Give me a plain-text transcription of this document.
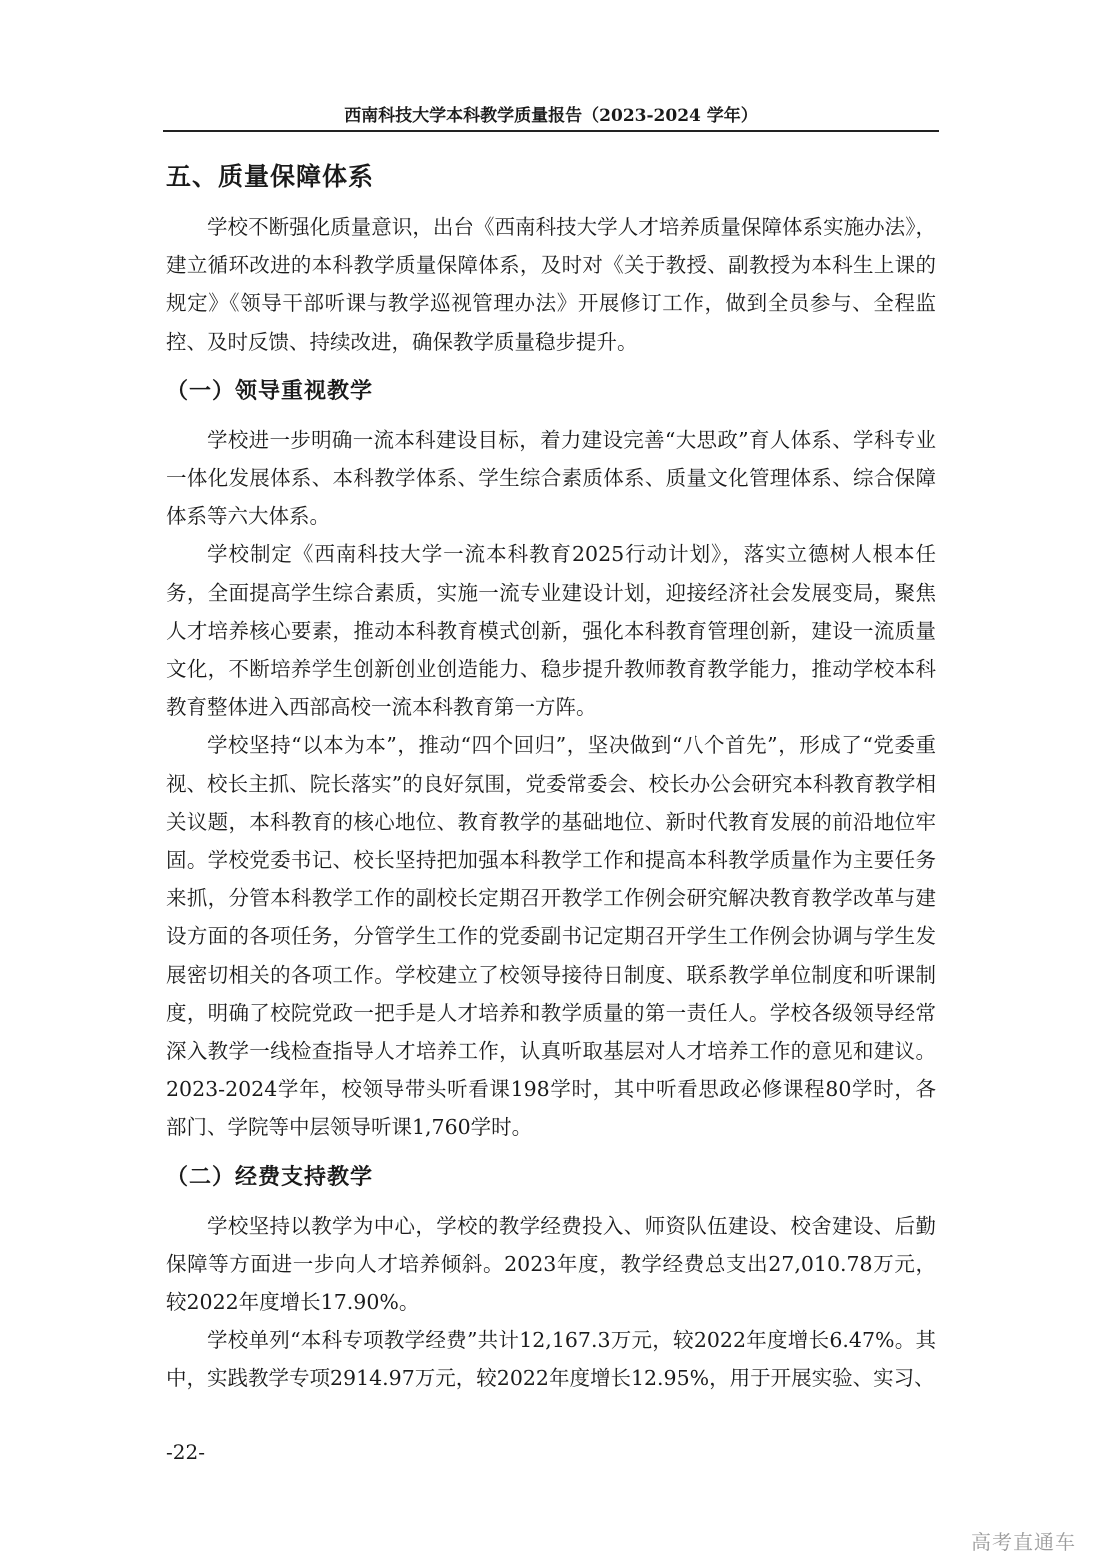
西南科技大学本科教学质量报告（2023-2024 学年）
五、质量保障体系

学校不断强化质量意识，出台《西南科技大学人才培养质量保障体系实施办法》，建立循环改进的本科教学质量保障体系，及时对《关于教授、副教授为本科生上课的规定》《领导干部听课与教学巡视管理办法》开展修订工作，做到全员参与、全程监控、及时反馈、持续改进，确保教学质量稳步提升。

（一）领导重视教学

学校进一步明确一流本科建设目标，着力建设完善“大思政”育人体系、学科专业一体化发展体系、本科教学体系、学生综合素质体系、质量文化管理体系、综合保障体系等六大体系。

学校制定《西南科技大学一流本科教育2025行动计划》，落实立德树人根本任务，全面提高学生综合素质，实施一流专业建设计划，迎接经济社会发展变局，聚焦人才培养核心要素，推动本科教育模式创新，强化本科教育管理创新，建设一流质量文化，不断培养学生创新创业创造能力、稳步提升教师教育教学能力，推动学校本科教育整体进入西部高校一流本科教育第一方阵。

学校坚持“以本为本”，推动“四个回归”，坚决做到“八个首先”，形成了“党委重视、校长主抓、院长落实”的良好氛围，党委常委会、校长办公会研究本科教育教学相关议题，本科教育的核心地位、教育教学的基础地位、新时代教育发展的前沿地位牢固。学校党委书记、校长坚持把加强本科教学工作和提高本科教学质量作为主要任务来抓，分管本科教学工作的副校长定期召开教学工作例会研究解决教育教学改革与建设方面的各项任务，分管学生工作的党委副书记定期召开学生工作例会协调与学生发展密切相关的各项工作。学校建立了校领导接待日制度、联系教学单位制度和听课制度，明确了校院党政一把手是人才培养和教学质量的第一责任人。学校各级领导经常深入教学一线检查指导人才培养工作，认真听取基层对人才培养工作的意见和建议。2023-2024学年，校领导带头听看课198学时，其中听看思政必修课程80学时，各部门、学院等中层领导听课1,760学时。

（二）经费支持教学

学校坚持以教学为中心，学校的教学经费投入、师资队伍建设、校舍建设、后勤保障等方面进一步向人才培养倾斜。2023年度，教学经费总支出27,010.78万元，较2022年度增长17.90%。

学校单列“本科专项教学经费”共计12,167.3万元，较2022年度增长6.47%。其中，实践教学专项2914.97万元，较2022年度增长12.95%，用于开展实验、实习、

-22-
高考直通车
